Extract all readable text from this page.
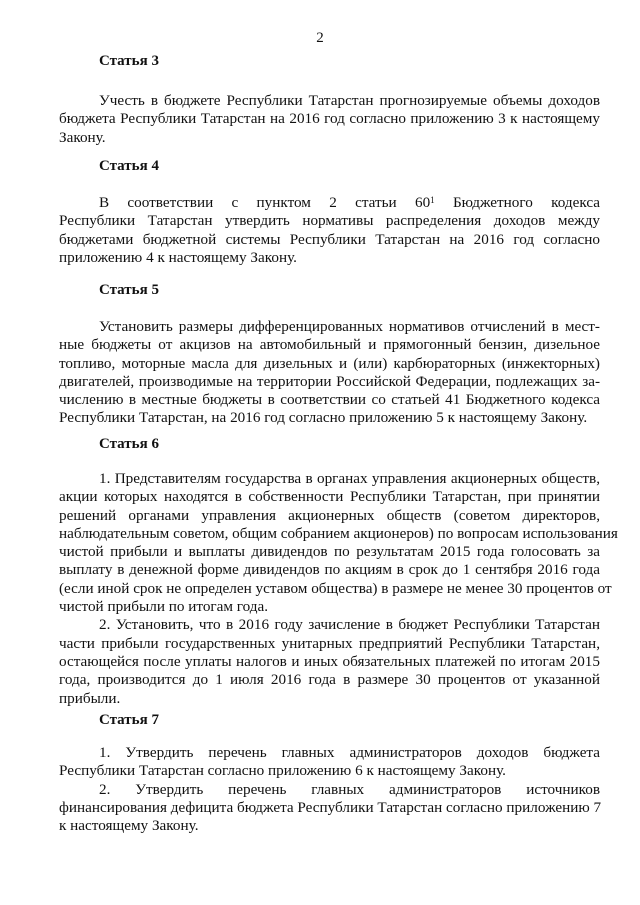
2
Статья 3
Учесть в бюджете Республики Татарстан прогнозируемые объемы доходов
бюджета Республики Татарстан на 2016 год согласно приложению 3 к настоящему
Закону.
Статья 4
В соответствии с пунктом 2 статьи $60^1$ Бюджетного кодекса
Республики Татарстан утвердить нормативы распределения доходов между
бюджетами бюджетной системы Республики Татарстан на 2016 год согласно
приложению 4 к настоящему Закону.
Статья 5
Установить размеры дифференцированных нормативов отчислений в мест-
ные бюджеты от акцизов на автомобильный и прямогонный бензин, дизельное
топливо, моторные масла для дизельных и (или) карбюраторных (инжекторных)
двигателей, производимые на территории Российской Федерации, подлежащих за-
числению в местные бюджеты в соответствии со статьей 41 Бюджетного кодекса
Республики Татарстан, на 2016 год согласно приложению 5 к настоящему Закону.
Статья 6
1. Представителям государства в органах управления акционерных обществ,
акции которых находятся в собственности Республики Татарстан, при принятии
решений органами управления акционерных обществ (советом директоров,
наблюдательным советом, общим собранием акционеров) по вопросам использования
чистой прибыли и выплаты дивидендов по результатам 2015 года голосовать за
выплату в денежной форме дивидендов по акциям в срок до 1 сентября 2016 года
(если иной срок не определен уставом общества) в размере не менее 30 процентов от
чистой прибыли по итогам года.
2. Установить, что в 2016 году зачисление в бюджет Республики Татарстан
части прибыли государственных унитарных предприятий Республики Татарстан,
остающейся после уплаты налогов и иных обязательных платежей по итогам 2015
года, производится до 1 июля 2016 года в размере 30 процентов от указанной
прибыли.
Статья 7
1. Утвердить перечень главных администраторов доходов бюджета
Республики Татарстан согласно приложению 6 к настоящему Закону.
2. Утвердить перечень главных администраторов источников
финансирования дефицита бюджета Республики Татарстан согласно приложению 7
к настоящему Закону.
